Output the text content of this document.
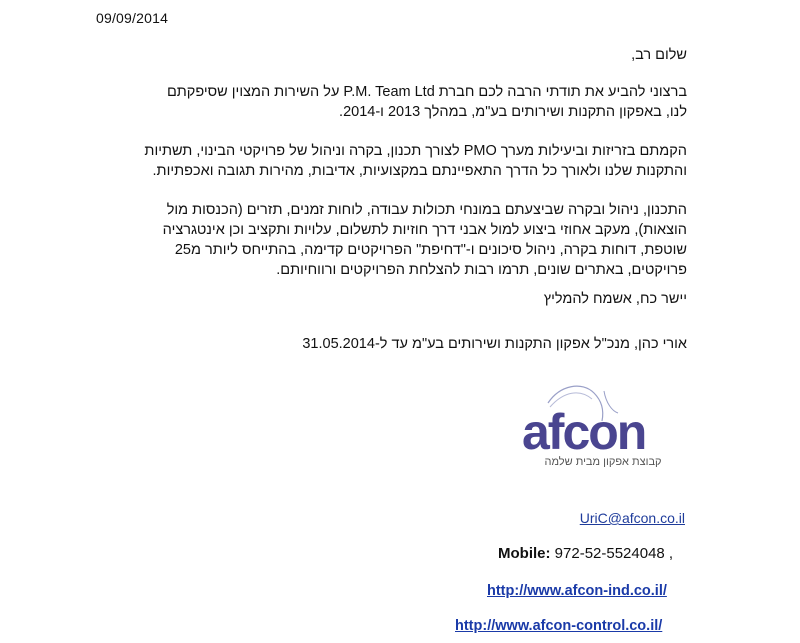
09/09/2014
שלום רב,
ברצוני להביע את תודתי הרבה לכם חברת P.M. Team Ltd על השירות המצוין שסיפקתם
לנו, באפקון התקנות ושירותים בע"מ, במהלך 2013 ו-2014.
הקמתם בזריזות וביעילות מערך PMO לצורך תכנון, בקרה וניהול של פרויקטי הבינוי, תשתיות
והתקנות שלנו ולאורך כל הדרך התאפיינתם במקצועיות, אדיבות, מהירות תגובה ואכפתיות.
התכנון, ניהול ובקרה שביצעתם במונחי תכולות עבודה, לוחות זמנים, תזרים (הכנסות מול
הוצאות), מעקב אחוזי ביצוע למול אבני דרך חוזיות לתשלום, עלויות ותקציב וכן אינטגרציה
שוטפת, דוחות בקרה, ניהול סיכונים ו-"דחיפת" הפרויקטים קדימה, בהתייחס ליותר מ25
פרויקטים, באתרים שונים, תרמו רבות להצלחת הפרויקטים ורווחיותם.
יישר כח, אשמח להמליץ
אורי כהן, מנכ"ל אפקון התקנות ושירותים בע"מ עד ל-31.05.2014
afcon
קבוצת אפקון מבית שלמה
UriC@afcon.co.il
Mobile: 972-52-5524048 ,
http://www.afcon-ind.co.il/
http://www.afcon-control.co.il/
